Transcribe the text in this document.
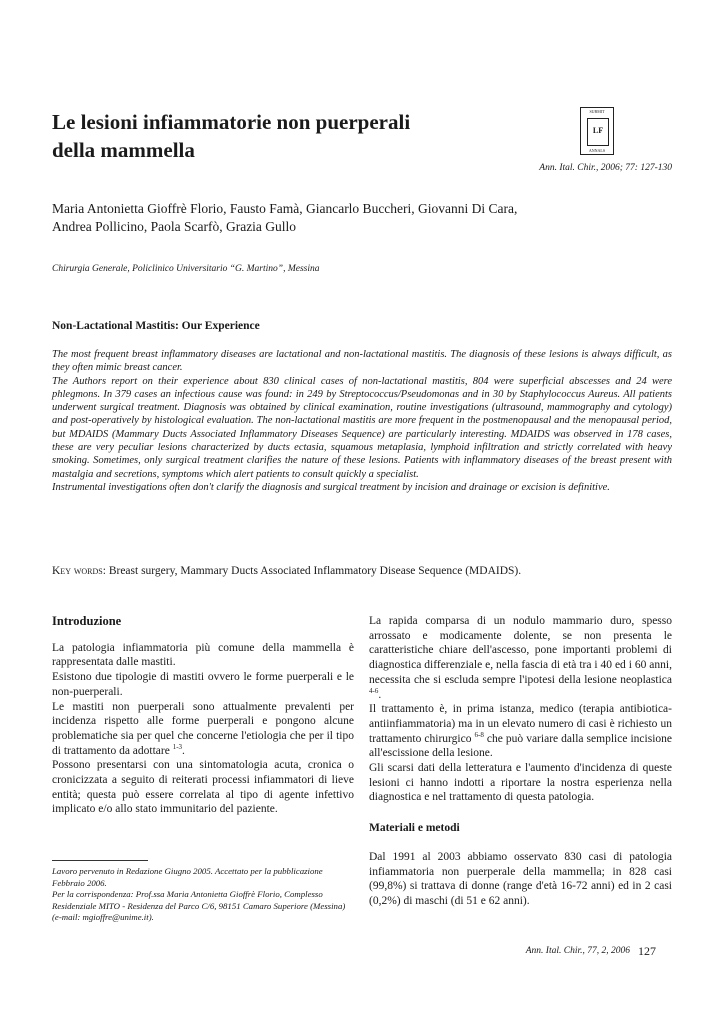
Le lesioni infiammatorie non puerperali
della mammella
SUBMIT
LF
ANNALS
Ann. Ital. Chir., 2006; 77: 127-130
Maria Antonietta Gioffrè Florio, Fausto Famà, Giancarlo Buccheri, Giovanni Di Cara,
Andrea Pollicino, Paola Scarfò, Grazia Gullo
Chirurgia Generale, Policlinico Universitario “G. Martino”, Messina
Non-Lactational Mastitis: Our Experience

The most frequent breast inflammatory diseases are lactational and non-lactational mastitis. The diagnosis of these lesions is always difficult, as they often mimic breast cancer.

The Authors report on their experience about 830 clinical cases of non-lactational mastitis, 804 were superficial abscesses and 24 were phlegmons. In 379 cases an infectious cause was found: in 249 by Streptococcus/Pseudomonas and in 30 by Staphylococcus Aureus. All patients underwent surgical treatment. Diagnosis was obtained by clinical examination, routine investigations (ultrasound, mammography and cytology) and post-operatively by histological evaluation. The non-lactational mastitis are more frequent in the postmenopausal and the menopausal period, but MDAIDS (Mammary Ducts Associated Inflammatory Diseases Sequence) are particularly interesting. MDAIDS was observed in 178 cases, these are very peculiar lesions characterized by ducts ectasia, squamous metaplasia, lymphoid infiltration and strictly correlated with heavy smoking. Sometimes, only surgical treatment clarifies the nature of these lesions. Patients with inflammatory diseases of the breast present with mastalgia and secretions, symptoms which alert patients to consult quickly a specialist.

Instrumental investigations often don't clarify the diagnosis and surgical treatment by incision and drainage or excision is definitive.

Key words: Breast surgery, Mammary Ducts Associated Inflammatory Disease Sequence (MDAIDS).
Introduzione

La patologia infiammatoria più comune della mammella è rappresentata dalle mastiti.

Esistono due tipologie di mastiti ovvero le forme puerperali e le non-puerperali.

Le mastiti non puerperali sono attualmente prevalenti per incidenza rispetto alle forme puerperali e pongono alcune problematiche sia per quel che concerne l'etiologia che per il tipo di trattamento da adottare $^{1-3}$.

Possono presentarsi con una sintomatologia acuta, cronica o cronicizzata a seguito di reiterati processi infiammatori di lieve entità; questa può essere correlata al tipo di agente infettivo implicato e/o allo stato immunitario del paziente.

La rapida comparsa di un nodulo mammario duro, spesso arrossato e modicamente dolente, se non presenta le caratteristiche chiare dell'ascesso, pone importanti problemi di diagnostica differenziale e, nella fascia di età tra i 40 ed i 60 anni, necessita che si escluda sempre l'ipotesi della lesione neoplastica $^{4-6}$.

Il trattamento è, in prima istanza, medico (terapia antibiotica-antiinfiammatoria) ma in un elevato numero di casi è richiesto un trattamento chirurgico $^{6-8}$ che può variare dalla semplice incisione all'escissione della lesione.

Gli scarsi dati della letteratura e l'aumento d'incidenza di queste lesioni ci hanno indotti a riportare la nostra esperienza nella diagnostica e nel trattamento di questa patologia.

Materiali e metodi

Dal 1991 al 2003 abbiamo osservato 830 casi di patologia infiammatoria non puerperale della mammella; in 828 casi (99,8%) si trattava di donne (range d'età 16-72 anni) ed in 2 casi (0,2%) di maschi (di 51 e 62 anni).

Lavoro pervenuto in Redazione Giugno 2005. Accettato per la pubblicazione Febbraio 2006.

Per la corrispondenza: Prof.ssa Maria Antonietta Gioffrè Florio, Complesso Residenziale MITO - Residenza del Parco C/6, 98151 Camaro Superiore (Messina) (e-mail: mgioffre@unime.it).

Ann. Ital. Chir., 77, 2, 2006 127
